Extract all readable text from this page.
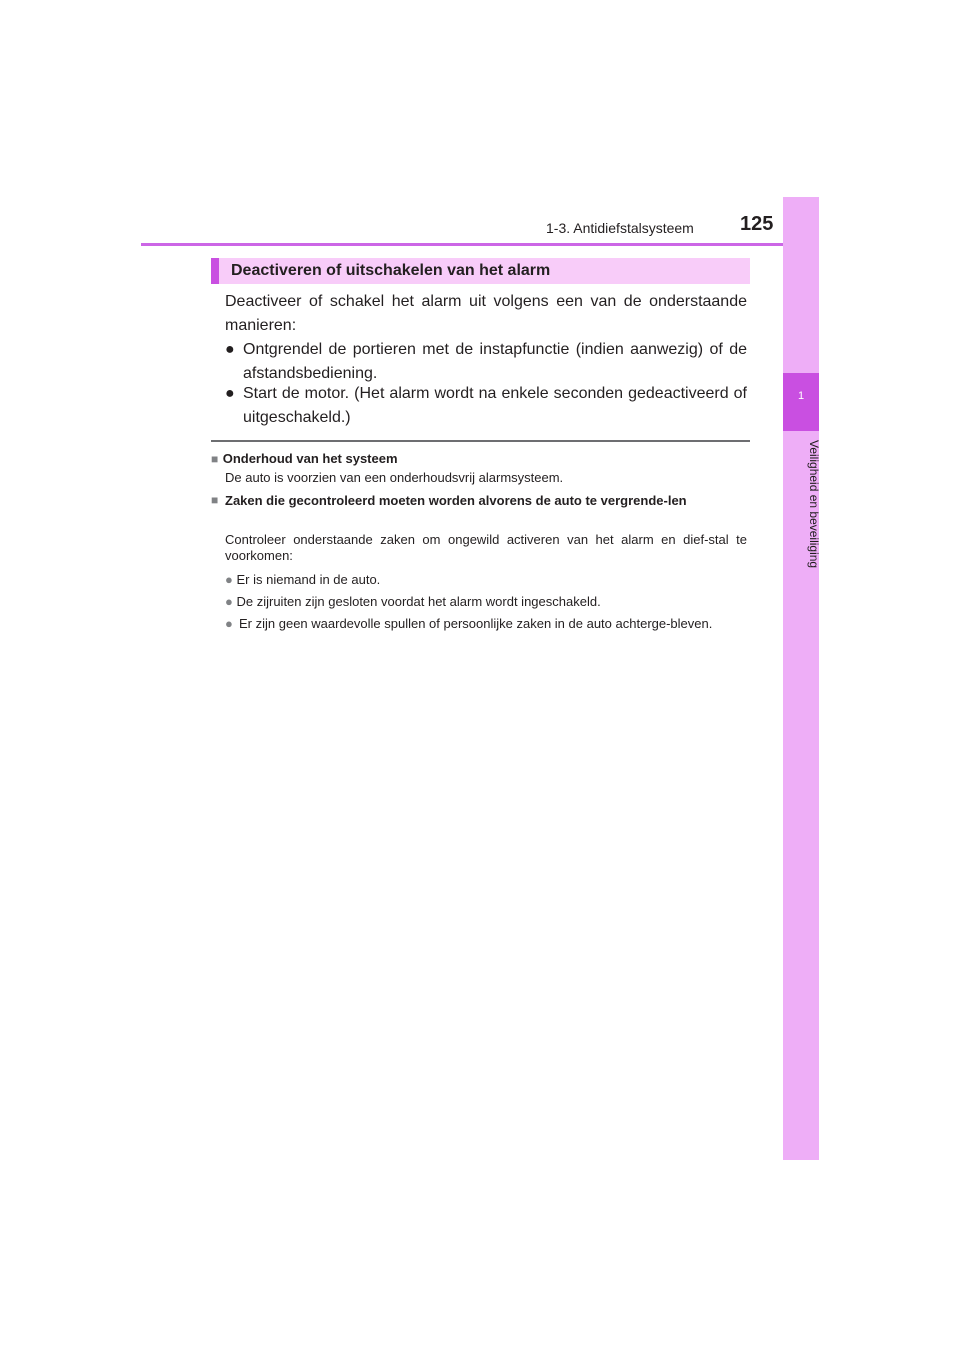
1-3. Antidiefstalsysteem 125
1
Veiligheid en beveiliging
Deactiveren of uitschakelen van het alarm
Deactiveer of schakel het alarm uit volgens een van de onderstaande manieren:
● Ontgrendel de portieren met de instapfunctie (indien aanwezig) of de afstandsbediening.
● Start de motor. (Het alarm wordt na enkele seconden gedeactiveerd of uitgeschakeld.)
■ Onderhoud van het systeem
De auto is voorzien van een onderhoudsvrij alarmsysteem.
■ Zaken die gecontroleerd moeten worden alvorens de auto te vergrende-len
Controleer onderstaande zaken om ongewild activeren van het alarm en dief-stal te voorkomen:
● Er is niemand in de auto.
● De zijruiten zijn gesloten voordat het alarm wordt ingeschakeld.
● Er zijn geen waardevolle spullen of persoonlijke zaken in de auto achterge-bleven.
